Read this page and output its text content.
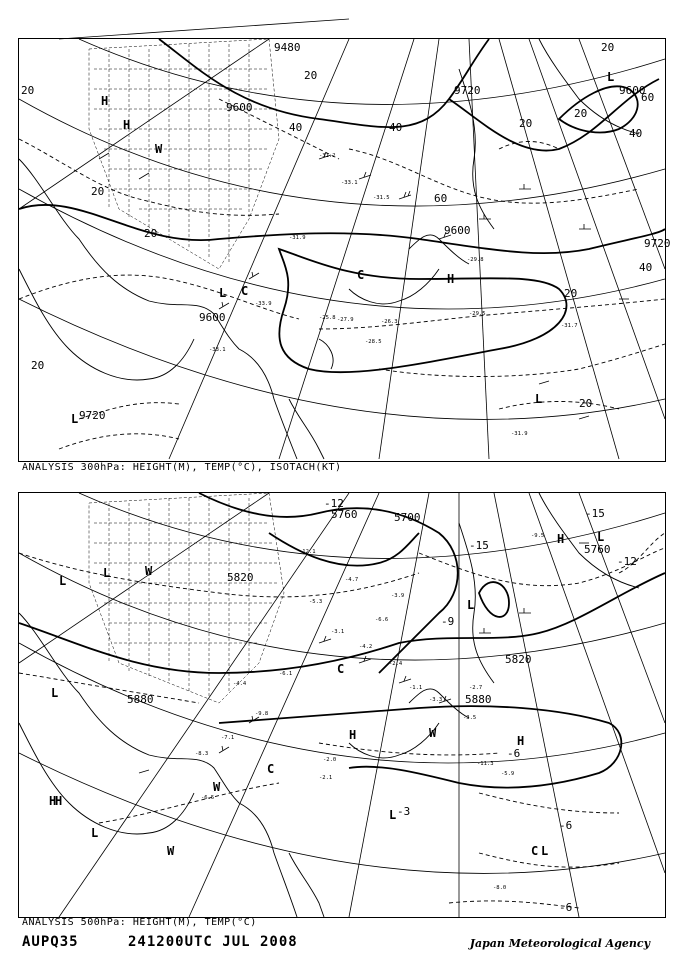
9600
9480
9600
9720
9720
9600
9600
9720
20
20
20
40
20
40
60
20
20
40
60
20
40
20
20
20
H
H
W
C
L
C	H
L
L
L
-31.2
-33.1
-31.5
-31.9
-25.8 -27.9	-26.3
-33.9
-31.9
-29.5
-31.7
-28.5
-29.8
-33.1
ANALYSIS 300hPa: HEIGHT(M), TEMP(°C), ISOTACH(KT)
5760
5820
5880	5880
5820
5760
5700
-12
-15
-15
-12
-9
-6
-3
-6
-6
L
L
L	W
H
H
L
W
C
H
H
W
C
L
H
L
W	L
C
L
-5.3
-3.1
-4.2
-6.1
-2.4
-9.8
-1.1
-3.3
-2.7
-3.5
-2.0
-7.1
-8.3
-6.5
-12.1
-4.7
-3.9
-2.1
-5.9
-11.3
-8.0
-4.4
-6.6
-9.5
ANALYSIS 500hPa: HEIGHT(M), TEMP(°C)
AUPQ35	241200UTC JUL 2008	Japan Meteorological Agency
